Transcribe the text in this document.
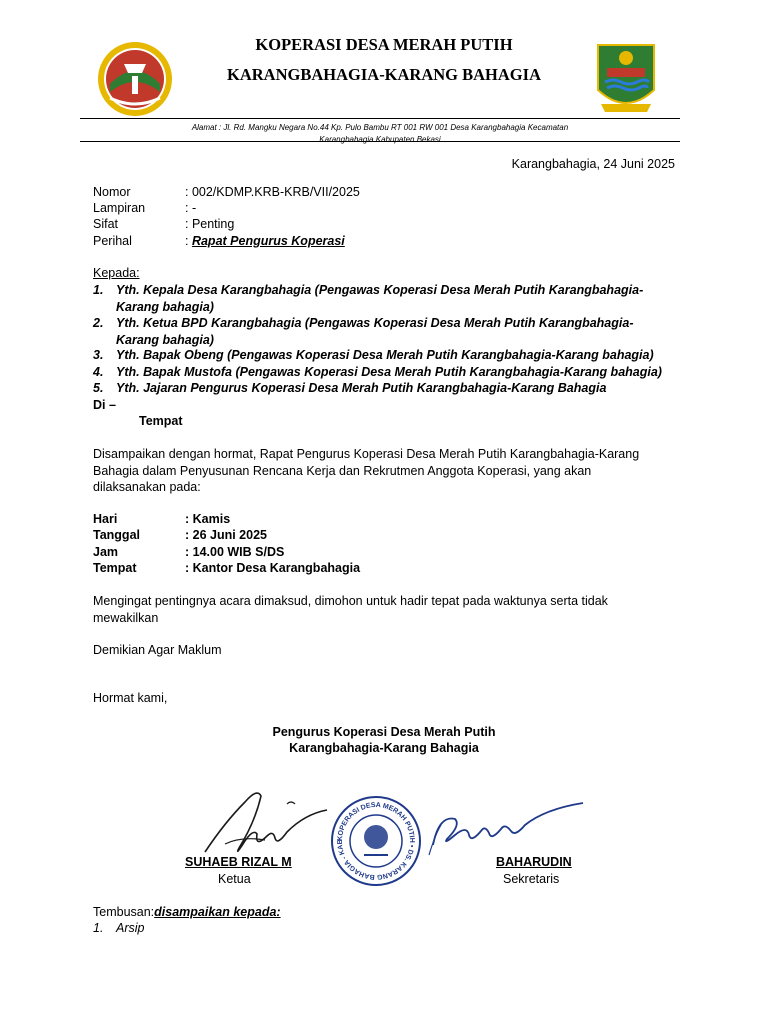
KOPERASI DESA MERAH PUTIH
KARANGBAHAGIA-KARANG BAHAGIA
Alamat : Jl. Rd. Mangku Negara No.44 Kp. Pulo Bambu RT 001 RW 001 Desa Karangbahagia Kecamatan
Karangbahagia Kabupaten Bekasi
Karangbahagia, 24 Juni 2025
Nomor	: 002/KDMP.KRB-KRB/VII/2025
Lampiran	: -
Sifat	: Penting
Perihal	: Rapat Pengurus Koperasi
Kepada:
1.	Yth. Kepala Desa Karangbahagia (Pengawas Koperasi Desa Merah Putih Karangbahagia-Karang bahagia)
2.	Yth. Ketua BPD Karangbahagia (Pengawas Koperasi Desa Merah Putih Karangbahagia-Karang bahagia)
3.	Yth. Bapak Obeng (Pengawas Koperasi Desa Merah Putih Karangbahagia-Karang bahagia)
4.	Yth. Bapak Mustofa (Pengawas Koperasi Desa Merah Putih Karangbahagia-Karang bahagia)
5.	Yth. Jajaran Pengurus Koperasi Desa Merah Putih Karangbahagia-Karang Bahagia
Di –
Tempat
Disampaikan dengan hormat, Rapat Pengurus Koperasi Desa Merah Putih Karangbahagia-Karang Bahagia dalam Penyusunan Rencana Kerja dan Rekrutmen Anggota Koperasi, yang akan dilaksanakan pada:
Hari	: Kamis
Tanggal	: 26 Juni 2025
Jam	: 14.00 WIB S/DS
Tempat	: Kantor Desa Karangbahagia
Mengingat pentingnya acara dimaksud, dimohon untuk hadir tepat pada waktunya serta tidak mewakilkan
Demikian Agar Maklum
Hormat kami,
Pengurus Koperasi Desa Merah Putih
Karangbahagia-Karang Bahagia
KOPERASI DESA MERAH PUTIH • DS. KARANG BAHAGIA - KAB
SUHAEB RIZAL M
Ketua
BAHARUDIN
Sekretaris
Tembusan:disampaikan kepada:
1. Arsip
